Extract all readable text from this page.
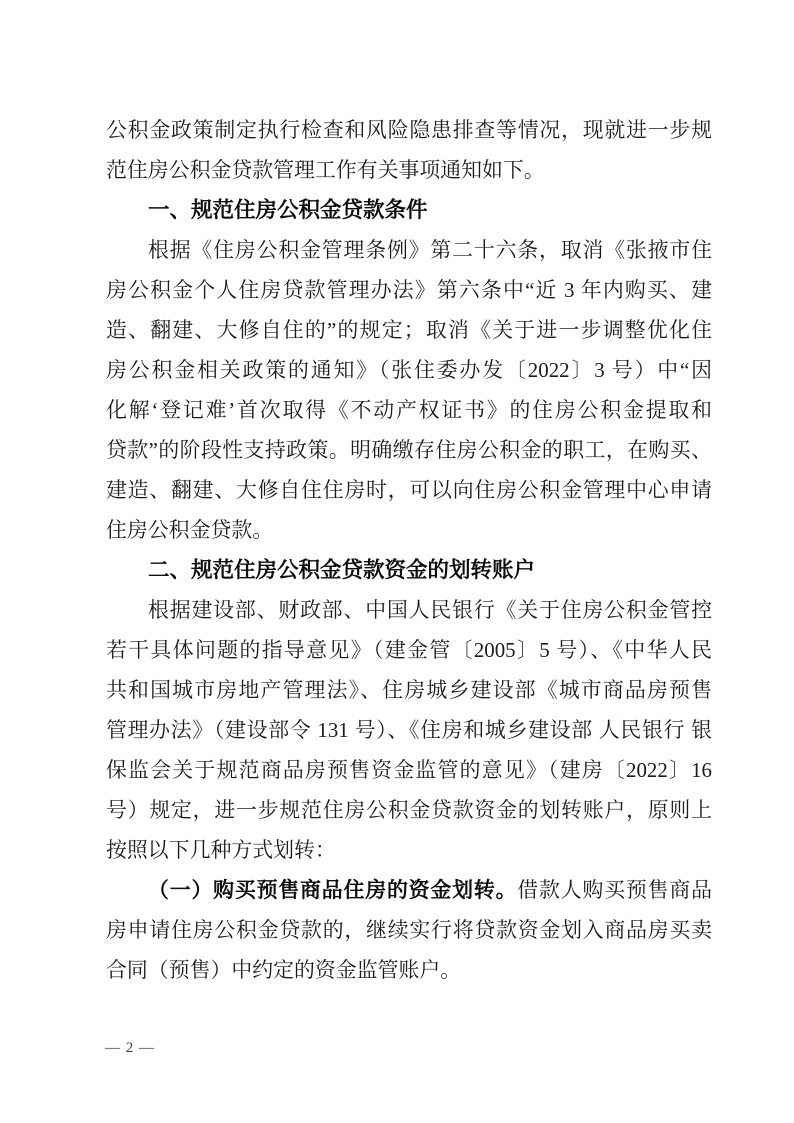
公积金政策制定执行检查和风险隐患排查等情况，现就进一步规
范住房公积金贷款管理工作有关事项通知如下。
一、规范住房公积金贷款条件
根据《住房公积金管理条例》第二十六条，取消《张掖市住
房公积金个人住房贷款管理办法》第六条中“近 3 年内购买、建
造、翻建、大修自住的”的规定；取消《关于进一步调整优化住
房公积金相关政策的通知》（张住委办发〔2022〕3 号）中“因
化解‘登记难’首次取得《不动产权证书》的住房公积金提取和
贷款”的阶段性支持政策。明确缴存住房公积金的职工，在购买、
建造、翻建、大修自住住房时，可以向住房公积金管理中心申请
住房公积金贷款。
二、规范住房公积金贷款资金的划转账户
根据建设部、财政部、中国人民银行《关于住房公积金管控
若干具体问题的指导意见》（建金管〔2005〕5 号）、《中华人民
共和国城市房地产管理法》、住房城乡建设部《城市商品房预售
管理办法》（建设部令 131 号）、《住房和城乡建设部 人民银行 银
保监会关于规范商品房预售资金监管的意见》（建房〔2022〕16
号）规定，进一步规范住房公积金贷款资金的划转账户，原则上
按照以下几种方式划转：
（一）购买预售商品住房的资金划转。借款人购买预售商品
房申请住房公积金贷款的，继续实行将贷款资金划入商品房买卖
合同（预售）中约定的资金监管账户。
— 2 —
